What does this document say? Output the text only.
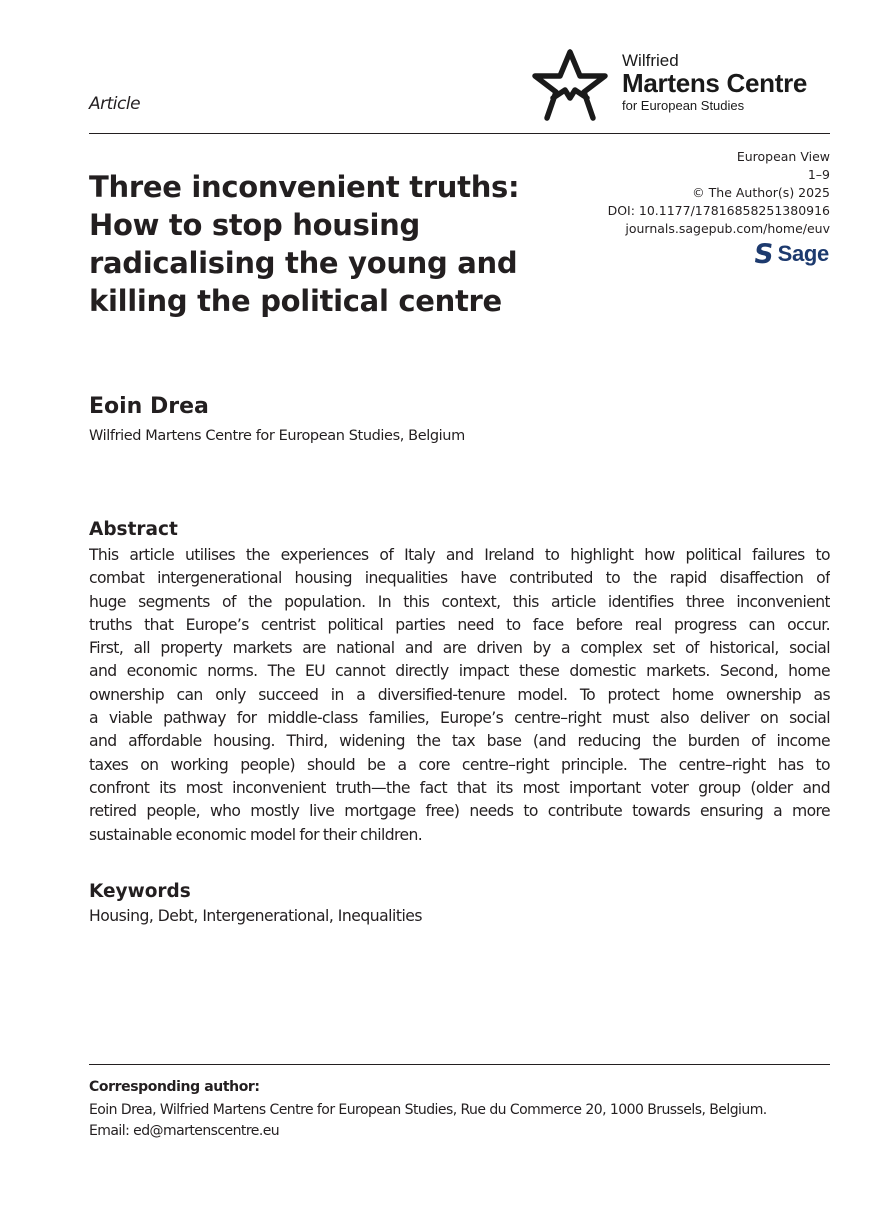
Article
Wilfried
Martens Centre
for European Studies
European View
1–9
© The Author(s) 2025
DOI: 10.1177/17816858251380916
journals.sagepub.com/home/euv
S Sage
Three inconvenient truths:
How to stop housing
radicalising the young and
killing the political centre
Eoin Drea
Wilfried Martens Centre for European Studies, Belgium
Abstract
This article utilises the experiences of Italy and Ireland to highlight how political failures to
combat intergenerational housing inequalities have contributed to the rapid disaffection of
huge segments of the population. In this context, this article identifies three inconvenient
truths that Europe’s centrist political parties need to face before real progress can occur.
First, all property markets are national and are driven by a complex set of historical, social
and economic norms. The EU cannot directly impact these domestic markets. Second, home
ownership can only succeed in a diversified-tenure model. To protect home ownership as
a viable pathway for middle-class families, Europe’s centre–right must also deliver on social
and affordable housing. Third, widening the tax base (and reducing the burden of income
taxes on working people) should be a core centre–right principle. The centre–right has to
confront its most inconvenient truth—the fact that its most important voter group (older and
retired people, who mostly live mortgage free) needs to contribute towards ensuring a more
sustainable economic model for their children.
Keywords
Housing, Debt, Intergenerational, Inequalities
Corresponding author:
Eoin Drea, Wilfried Martens Centre for European Studies, Rue du Commerce 20, 1000 Brussels, Belgium.
Email: ed@martenscentre.eu
